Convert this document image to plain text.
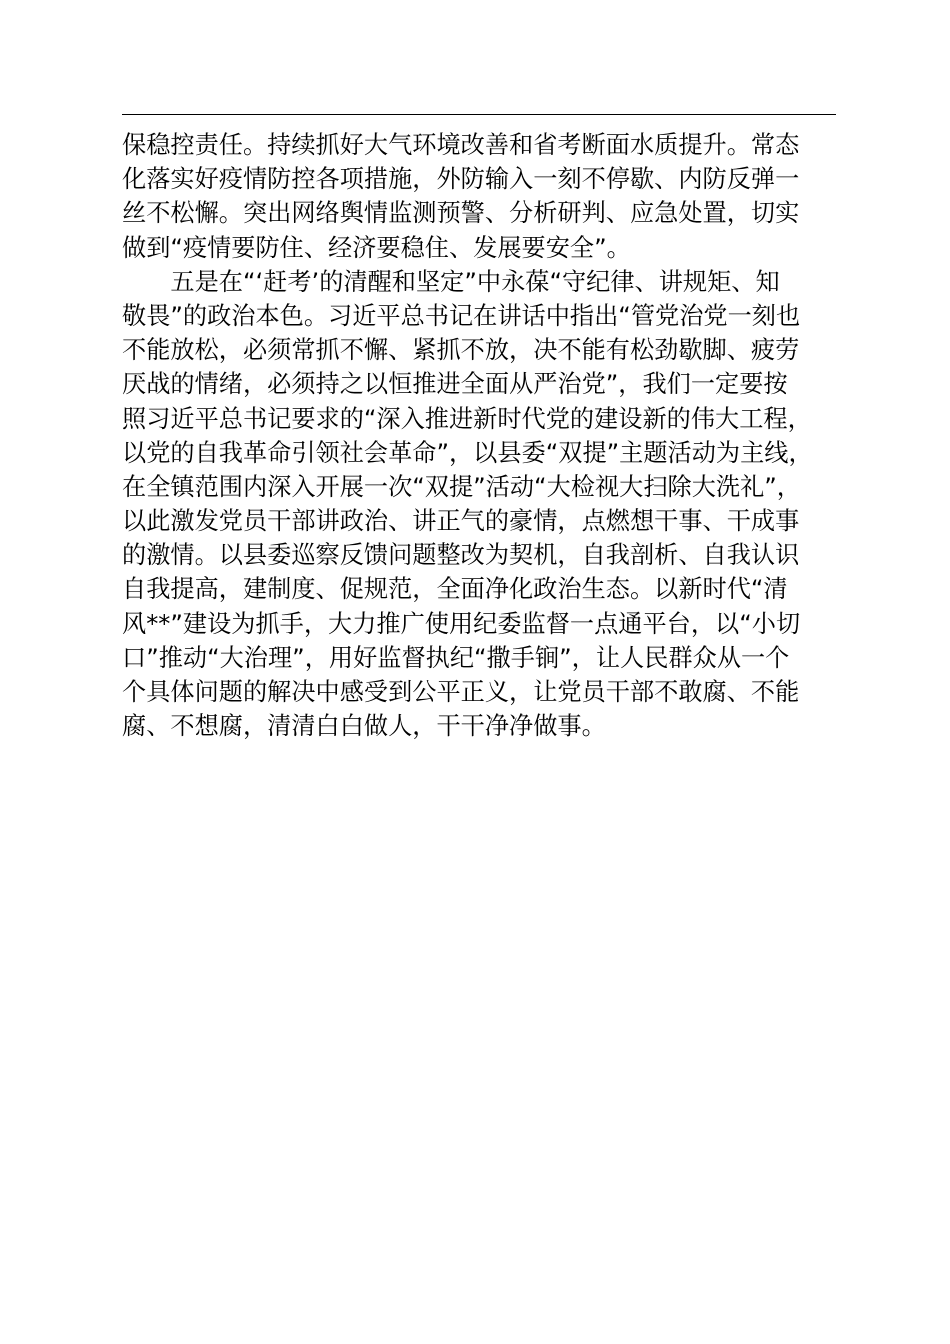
保稳控责任。持续抓好大气环境改善和省考断面水质提升。常态
化落实好疫情防控各项措施，外防输入一刻不停歇、内防反弹一
丝不松懈。突出网络舆情监测预警、分析研判、应急处置，切实
做到“疫情要防住、经济要稳住、发展要安全”。
　　五是在“‘赶考’的清醒和坚定”中永葆“守纪律、讲规矩、知
敬畏”的政治本色。习近平总书记在讲话中指出“管党治党一刻也
不能放松，必须常抓不懈、紧抓不放，决不能有松劲歇脚、疲劳
厌战的情绪，必须持之以恒推进全面从严治党”，我们一定要按
照习近平总书记要求的“深入推进新时代党的建设新的伟大工程，
以党的自我革命引领社会革命”，以县委“双提”主题活动为主线，
在全镇范围内深入开展一次“双提”活动“大检视大扫除大洗礼”，
以此激发党员干部讲政治、讲正气的豪情，点燃想干事、干成事
的激情。以县委巡察反馈问题整改为契机，自我剖析、自我认识
自我提高，建制度、促规范，全面净化政治生态。以新时代“清
风**”建设为抓手，大力推广使用纪委监督一点通平台，以“小切
口”推动“大治理”，用好监督执纪“撒手锏”，让人民群众从一个
个具体问题的解决中感受到公平正义，让党员干部不敢腐、不能
腐、不想腐，清清白白做人，干干净净做事。
